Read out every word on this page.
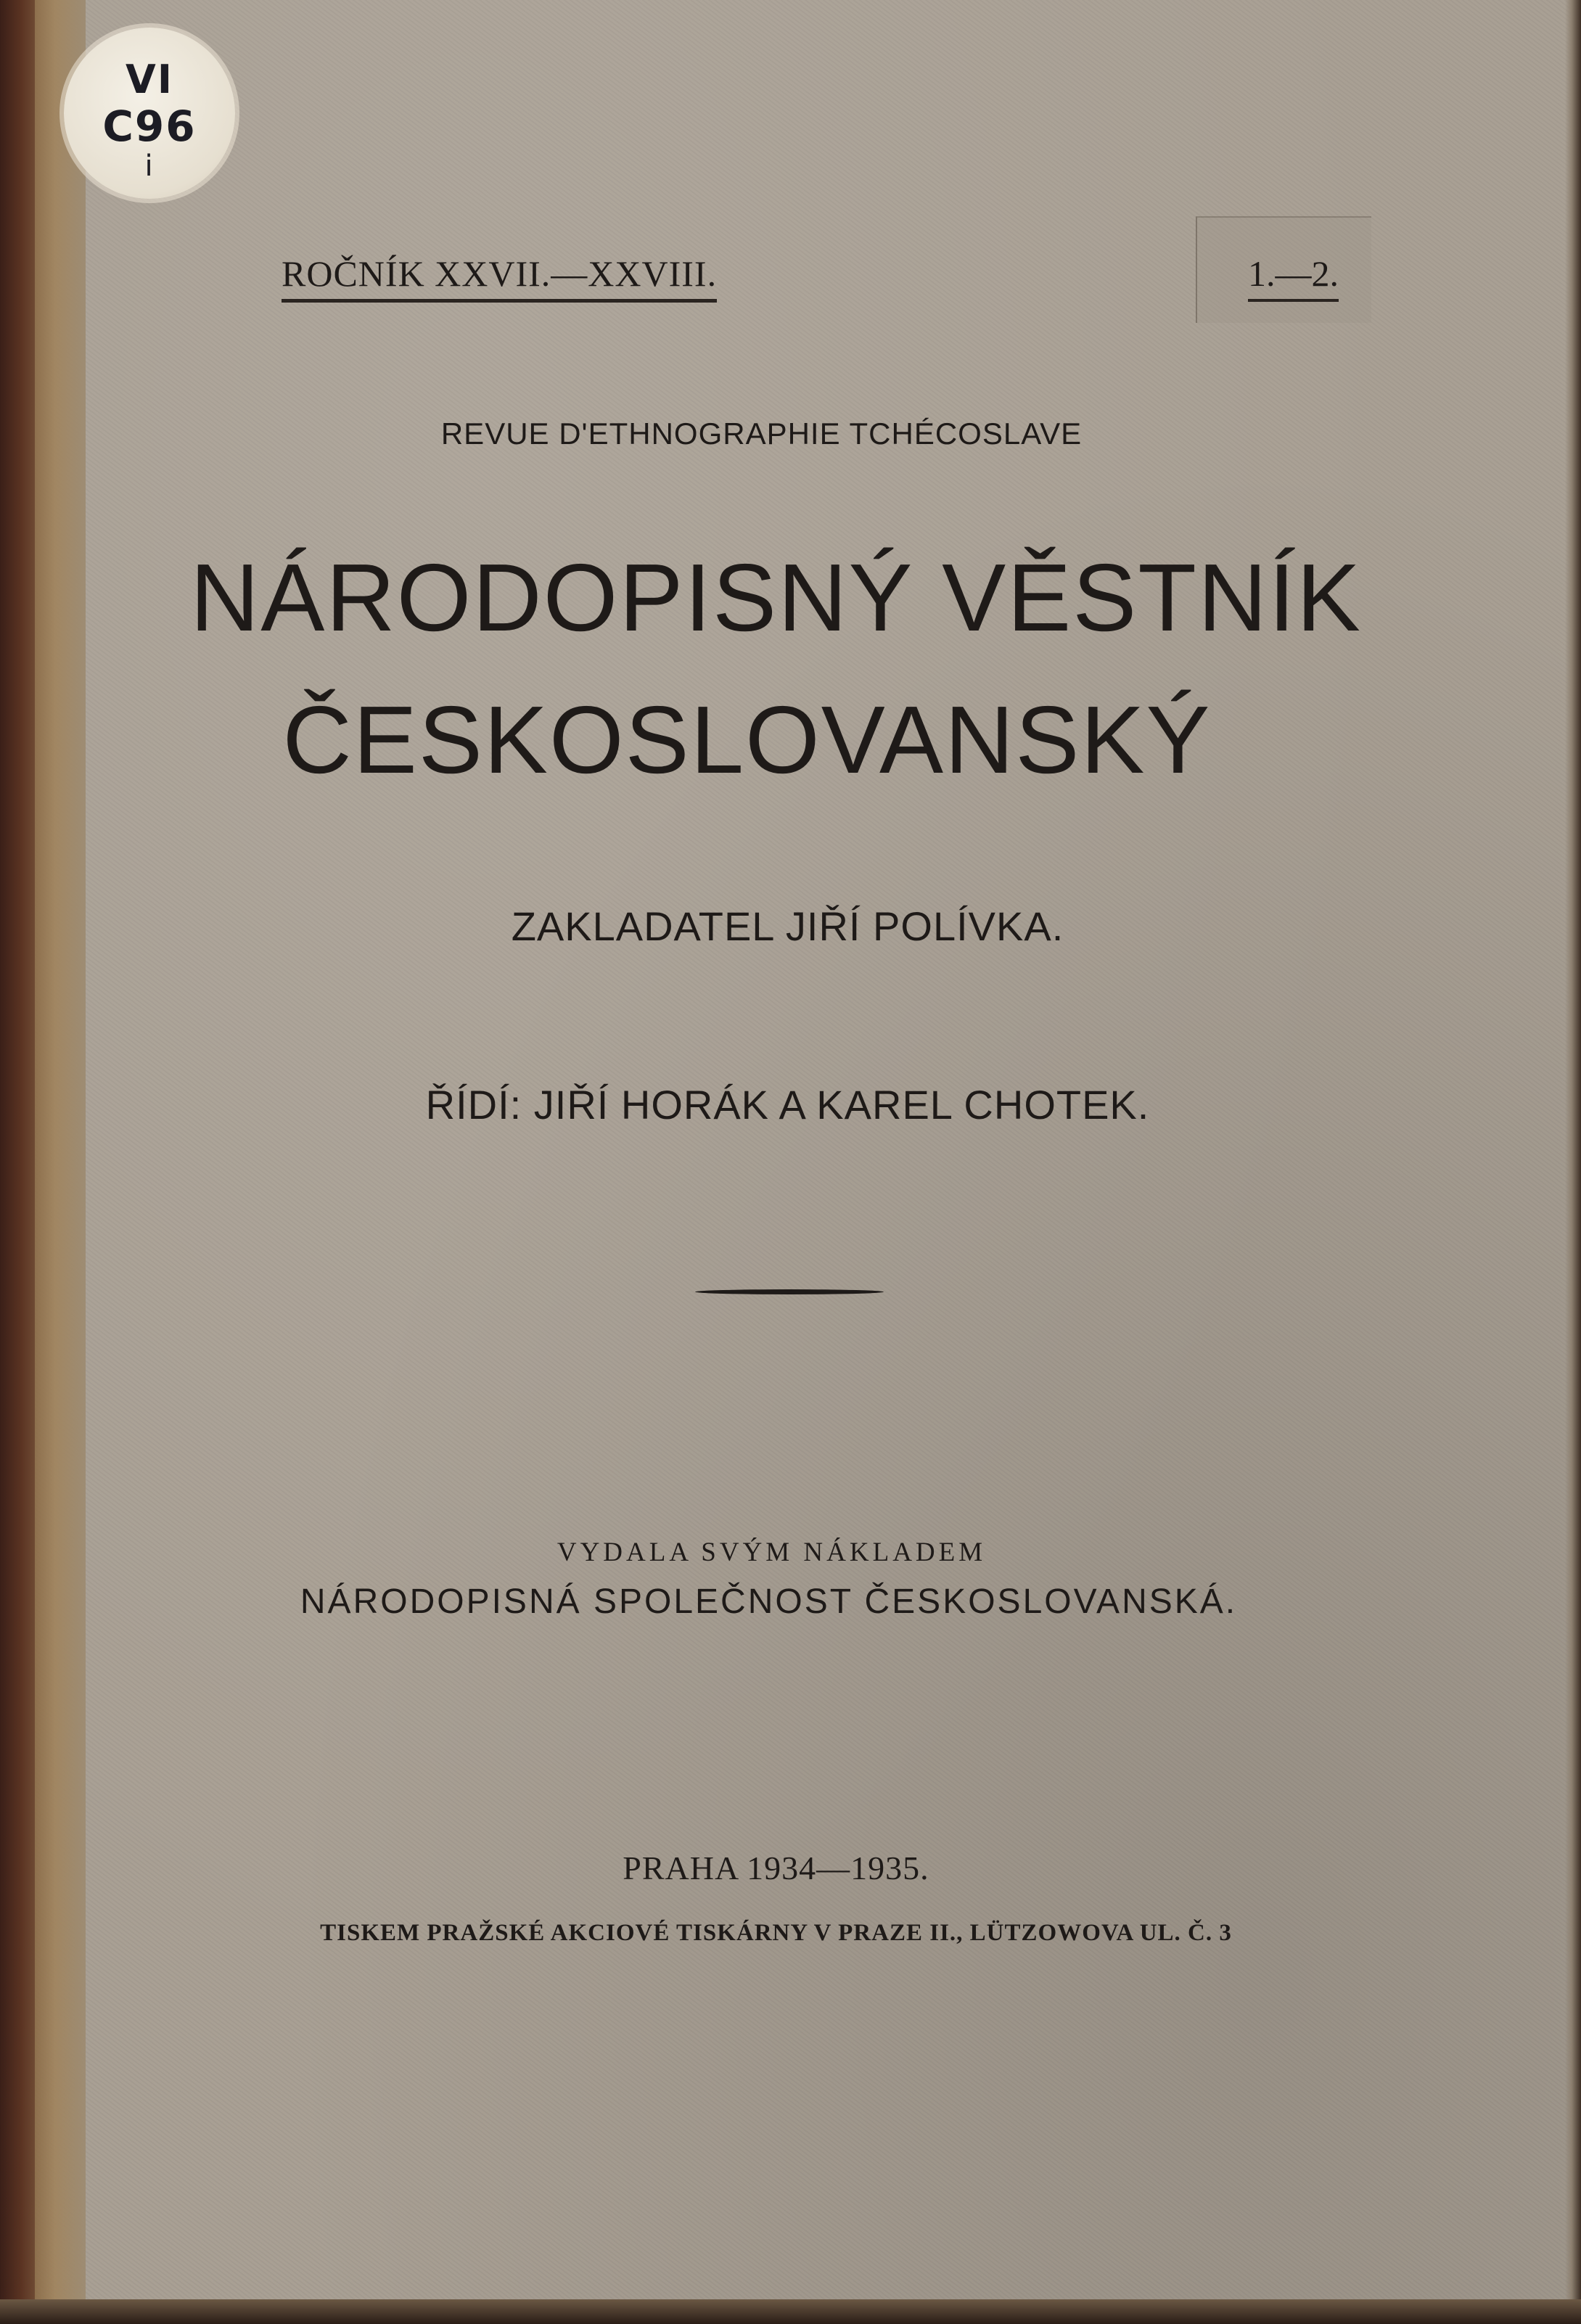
VI
C96
i
ROČNÍK XXVII.—XXVIII.	1.—2.
REVUE D'ETHNOGRAPHIE TCHÉCOSLAVE
NÁRODOPISNÝ VĚSTNÍK
ČESKOSLOVANSKÝ
ZAKLADATEL JIŘÍ POLÍVKA.
ŘÍDÍ: JIŘÍ HORÁK A KAREL CHOTEK.
VYDALA SVÝM NÁKLADEM
NÁRODOPISNÁ SPOLEČNOST ČESKOSLOVANSKÁ.
PRAHA 1934—1935.
TISKEM PRAŽSKÉ AKCIOVÉ TISKÁRNY V PRAZE II., LÜTZOWOVA UL. Č. 3
